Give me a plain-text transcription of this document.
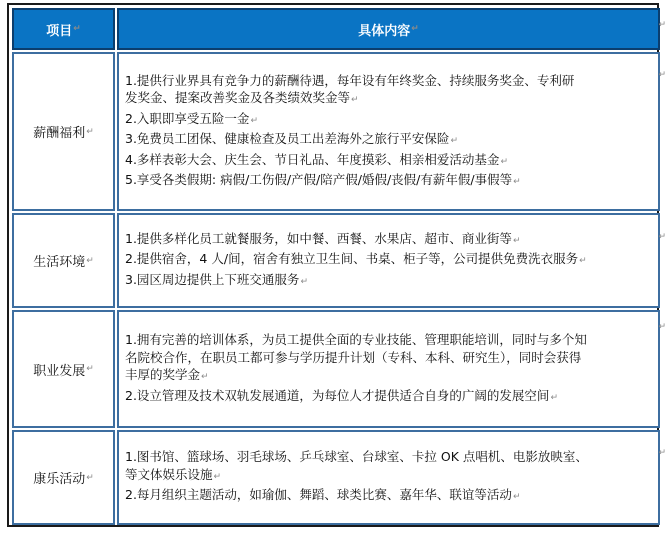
项目 ↵	具体内容 ↵
薪酬福利 ↵
1.提供行业界具有竞争力的薪酬待遇，每年设有年终奖金、持续服务奖金、专利研
发奖金、提案改善奖金及各类绩效奖金等↵
2.入职即享受五险一金↵
3.免费员工团保、健康检查及员工出差海外之旅行平安保险↵
4.多样表彰大会、庆生会、节日礼品、年度摸彩、相亲相爱活动基金↵
5.享受各类假期: 病假/工伤假/产假/陪产假/婚假/丧假/有薪年假/事假等↵
生活环境 ↵
1.提供多样化员工就餐服务，如中餐、西餐、水果店、超市、商业街等↵
2.提供宿舍，4 人/间，宿舍有独立卫生间、书桌、柜子等，公司提供免费洗衣服务↵
3.园区周边提供上下班交通服务↵
职业发展 ↵
1.拥有完善的培训体系，为员工提供全面的专业技能、管理职能培训，同时与多个知
名院校合作，在职员工都可参与学历提升计划（专科、本科、研究生），同时会获得
丰厚的奖学金↵
2.设立管理及技术双轨发展通道，为每位人才提供适合自身的广阔的发展空间↵
康乐活动 ↵
1.图书馆、篮球场、羽毛球场、乒乓球室、台球室、卡拉 OK 点唱机、电影放映室、
等文体娱乐设施↵
2.每月组织主题活动，如瑜伽、舞蹈、球类比赛、嘉年华、联谊等活动↵
↵
↵
↵
↵
↵
